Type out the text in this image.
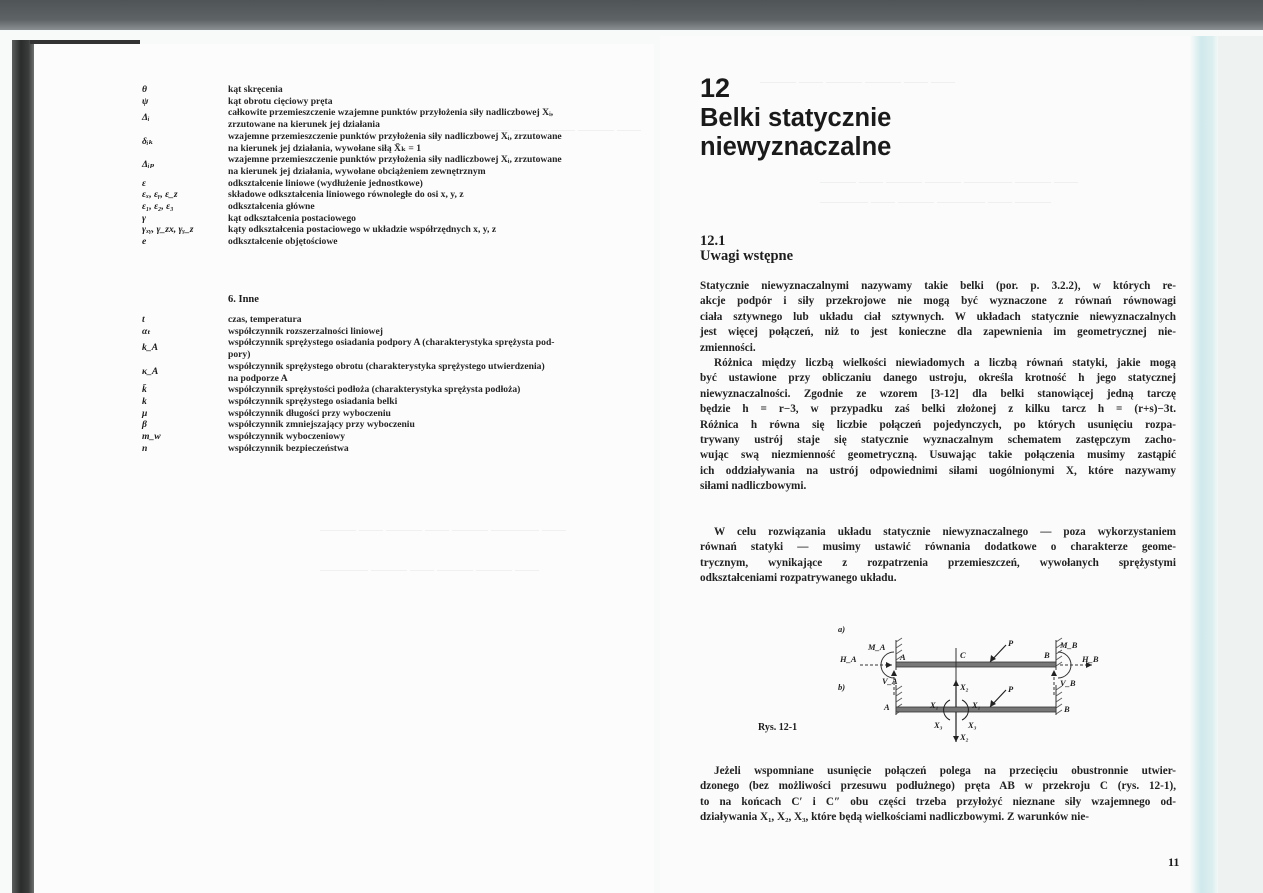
— —— ——— —— ——— ——
——— —— ——— —— ——— ———— ——
———— ——— —— ——— ——— ——
θ	kąt skręcenia
ψ	kąt obrotu cięciowy pręta
Δᵢ	całkowite przemieszczenie wzajemne punktów przyłożenia siły nadliczbowej Xᵢ,
zrzutowane na kierunek jej działania
δᵢₖ	wzajemne przemieszczenie punktów przyłożenia siły nadliczbowej Xᵢ, zrzutowane
na kierunek jej działania, wywołane siłą X̄ₖ = 1
Δᵢₚ	wzajemne przemieszczenie punktów przyłożenia siły nadliczbowej Xᵢ, zrzutowane
na kierunek jej działania, wywołane obciążeniem zewnętrznym
ε	odkształcenie liniowe (wydłużenie jednostkowe)
εₓ, εᵧ, ε_z	składowe odkształcenia liniowego równoległe do osi x, y, z
ε₁, ε₂, ε₃	odkształcenia główne
γ	kąt odkształcenia postaciowego
γₓᵧ, γ_zx, γᵧ_z	kąty odkształcenia postaciowego w układzie współrzędnych x, y, z
e	odkształcenie objętościowe
t	czas, temperatura
αₜ	współczynnik rozszerzalności liniowej
k_A	współczynnik sprężystego osiadania podpory A (charakterystyka sprężysta pod-
pory)
κ_A	współczynnik sprężystego obrotu (charakterystyka sprężystego utwierdzenia)
na podporze A
k̄	współczynnik sprężystości podłoża (charakterystyka sprężysta podłoża)
k	współczynnik sprężystego osiadania belki
μ	współczynnik długości przy wyboczeniu
β	współczynnik zmniejszający przy wyboczeniu
m_w	współczynnik wyboczeniowy
n	współczynnik bezpieczeństwa
6. Inne
——— —— ——— ——— —— ——
——— —— ——— ——— ———— ——— ——
———— —— ——— ———— —— ———
12
Belki statycznie
niewyznaczalne
12.1
Uwagi wstępne
Statycznie niewyznaczalnymi nazywamy takie belki (por. p. 3.2.2), w których re-
akcje podpór i siły przekrojowe nie mogą być wyznaczone z równań równowagi
ciała sztywnego lub układu ciał sztywnych. W układach statycznie niewyznaczalnych
jest więcej połączeń, niż to jest konieczne dla zapewnienia im geometrycznej nie-
zmienności.
Różnica między liczbą wielkości niewiadomych a liczbą równań statyki, jakie mogą
być ustawione przy obliczaniu danego ustroju, określa krotność h jego statycznej
niewyznaczalności. Zgodnie ze wzorem [3-12] dla belki stanowiącej jedną tarczę
będzie h = r−3, w przypadku zaś belki złożonej z kilku tarcz h = (r+s)−3t.
Różnica h równa się liczbie połączeń pojedynczych, po których usunięciu rozpa-
trywany ustrój staje się statycznie wyznaczalnym schematem zastępczym zacho-
wując swą niezmienność geometryczną. Usuwając takie połączenia musimy zastąpić
ich oddziaływania na ustrój odpowiednimi siłami uogólnionymi X, które nazywamy
siłami nadliczbowymi.
W celu rozwiązania układu statycznie niewyznaczalnego — poza wykorzystaniem
równań statyki — musimy ustawić równania dodatkowe o charakterze geome-
trycznym, wynikające z rozpatrzenia przemieszczeń, wywołanych sprężystymi
odkształceniami rozpatrywanego układu.
Jeżeli wspomniane usunięcie połączeń polega na przecięciu obustronnie utwier-
dzonego (bez możliwości przesuwu podłużnego) pręta AB w przekroju C (rys. 12-1),
to na końcach C′ i C″ obu części trzeba przyłożyć nieznane siły wzajemnego od-
działywania X₁, X₂, X₃, które będą wielkościami nadliczbowymi. Z warunków nie-
a)
b)
M_A
H_A
V_A
A
A
C
P
P
B
B
M_B
H_B
V_B
X₂
X₁	X₁
X₃	X₃
X₂
Rys. 12-1
11
